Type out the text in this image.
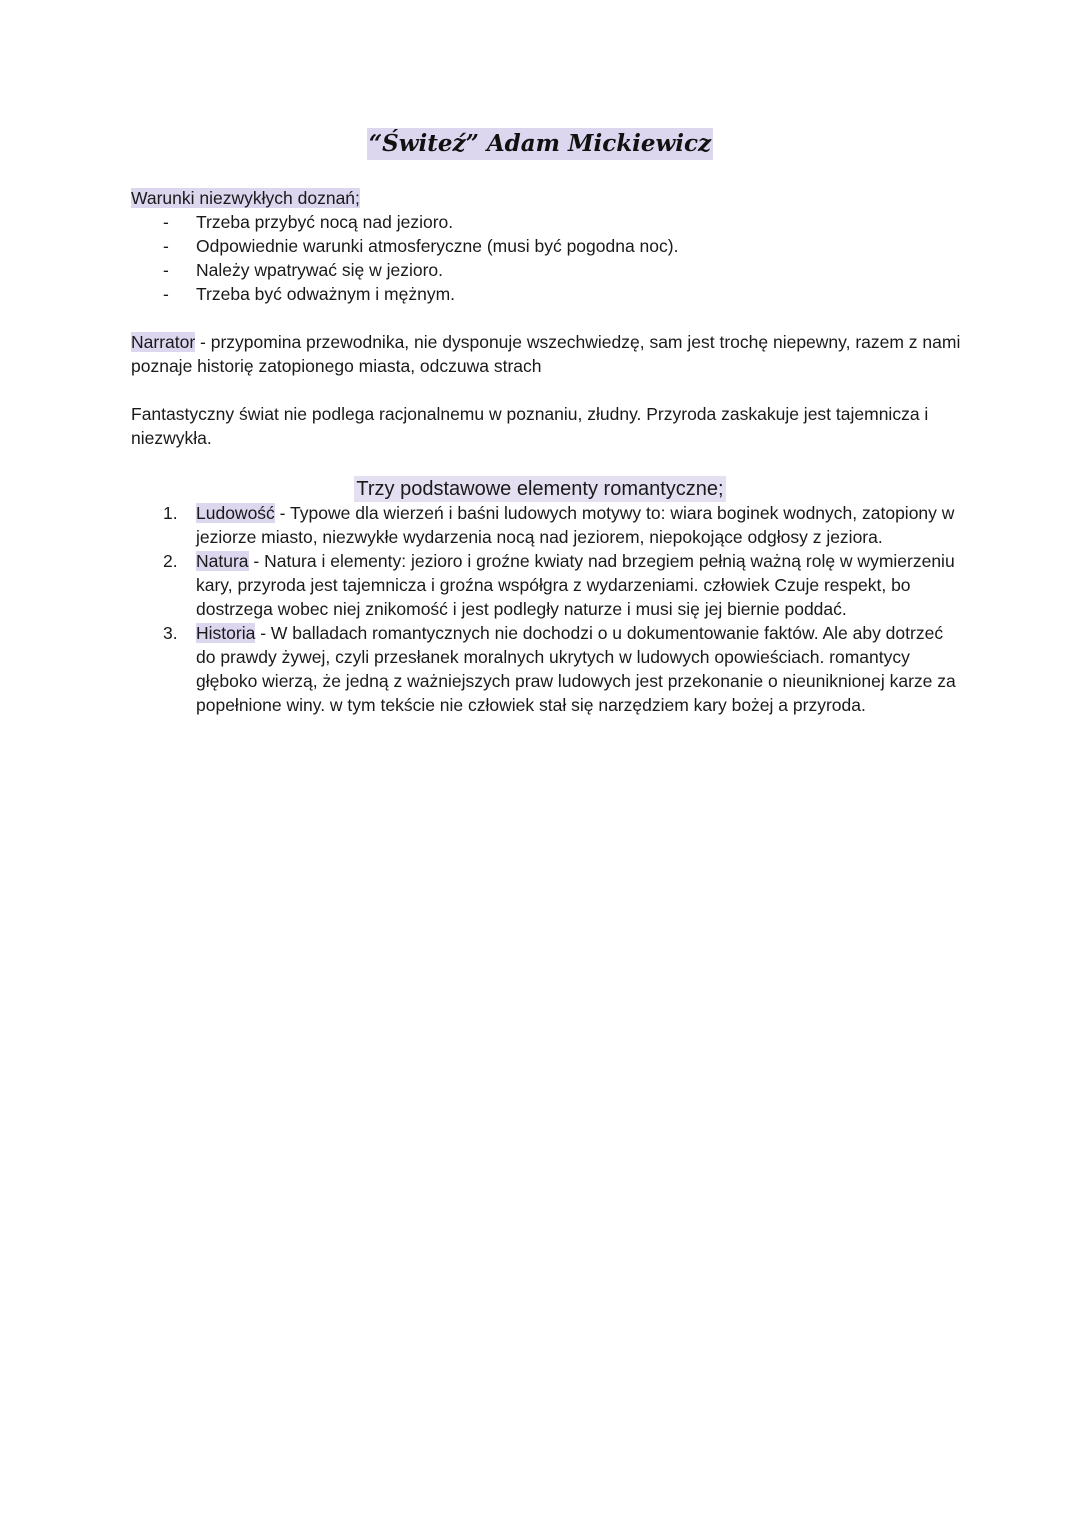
“Świteź” Adam Mickiewicz
Warunki niezwykłych doznań;
- Trzeba przybyć nocą nad jezioro.
- Odpowiednie warunki atmosferyczne (musi być pogodna noc).
- Należy wpatrywać się w jezioro.
- Trzeba być odważnym i mężnym.
Narrator - przypomina przewodnika, nie dysponuje wszechwiedzę, sam jest trochę niepewny, razem z nami poznaje historię zatopionego miasta, odczuwa strach
Fantastyczny świat nie podlega racjonalnemu w poznaniu, złudny. Przyroda zaskakuje jest tajemnicza i niezwykła.
Trzy podstawowe elementy romantyczne;
1. Ludowość - Typowe dla wierzeń i baśni ludowych motywy to: wiara boginek wodnych, zatopiony w jeziorze miasto, niezwykłe wydarzenia nocą nad jeziorem, niepokojące odgłosy z jeziora.
2. Natura - Natura i elementy: jezioro i groźne kwiaty nad brzegiem pełnią ważną rolę w wymierzeniu kary, przyroda jest tajemnicza i groźna współgra z wydarzeniami. człowiek Czuje respekt, bo dostrzega wobec niej znikomość i jest podległy naturze i musi się jej biernie poddać.
3. Historia - W balladach romantycznych nie dochodzi o u dokumentowanie faktów. Ale aby dotrzeć do prawdy żywej, czyli przesłanek moralnych ukrytych w ludowych opowieściach. romantycy głęboko wierzą, że jedną z ważniejszych praw ludowych jest przekonanie o nieuniknionej karze za popełnione winy. w tym tekście nie człowiek stał się narzędziem kary bożej a przyroda.
